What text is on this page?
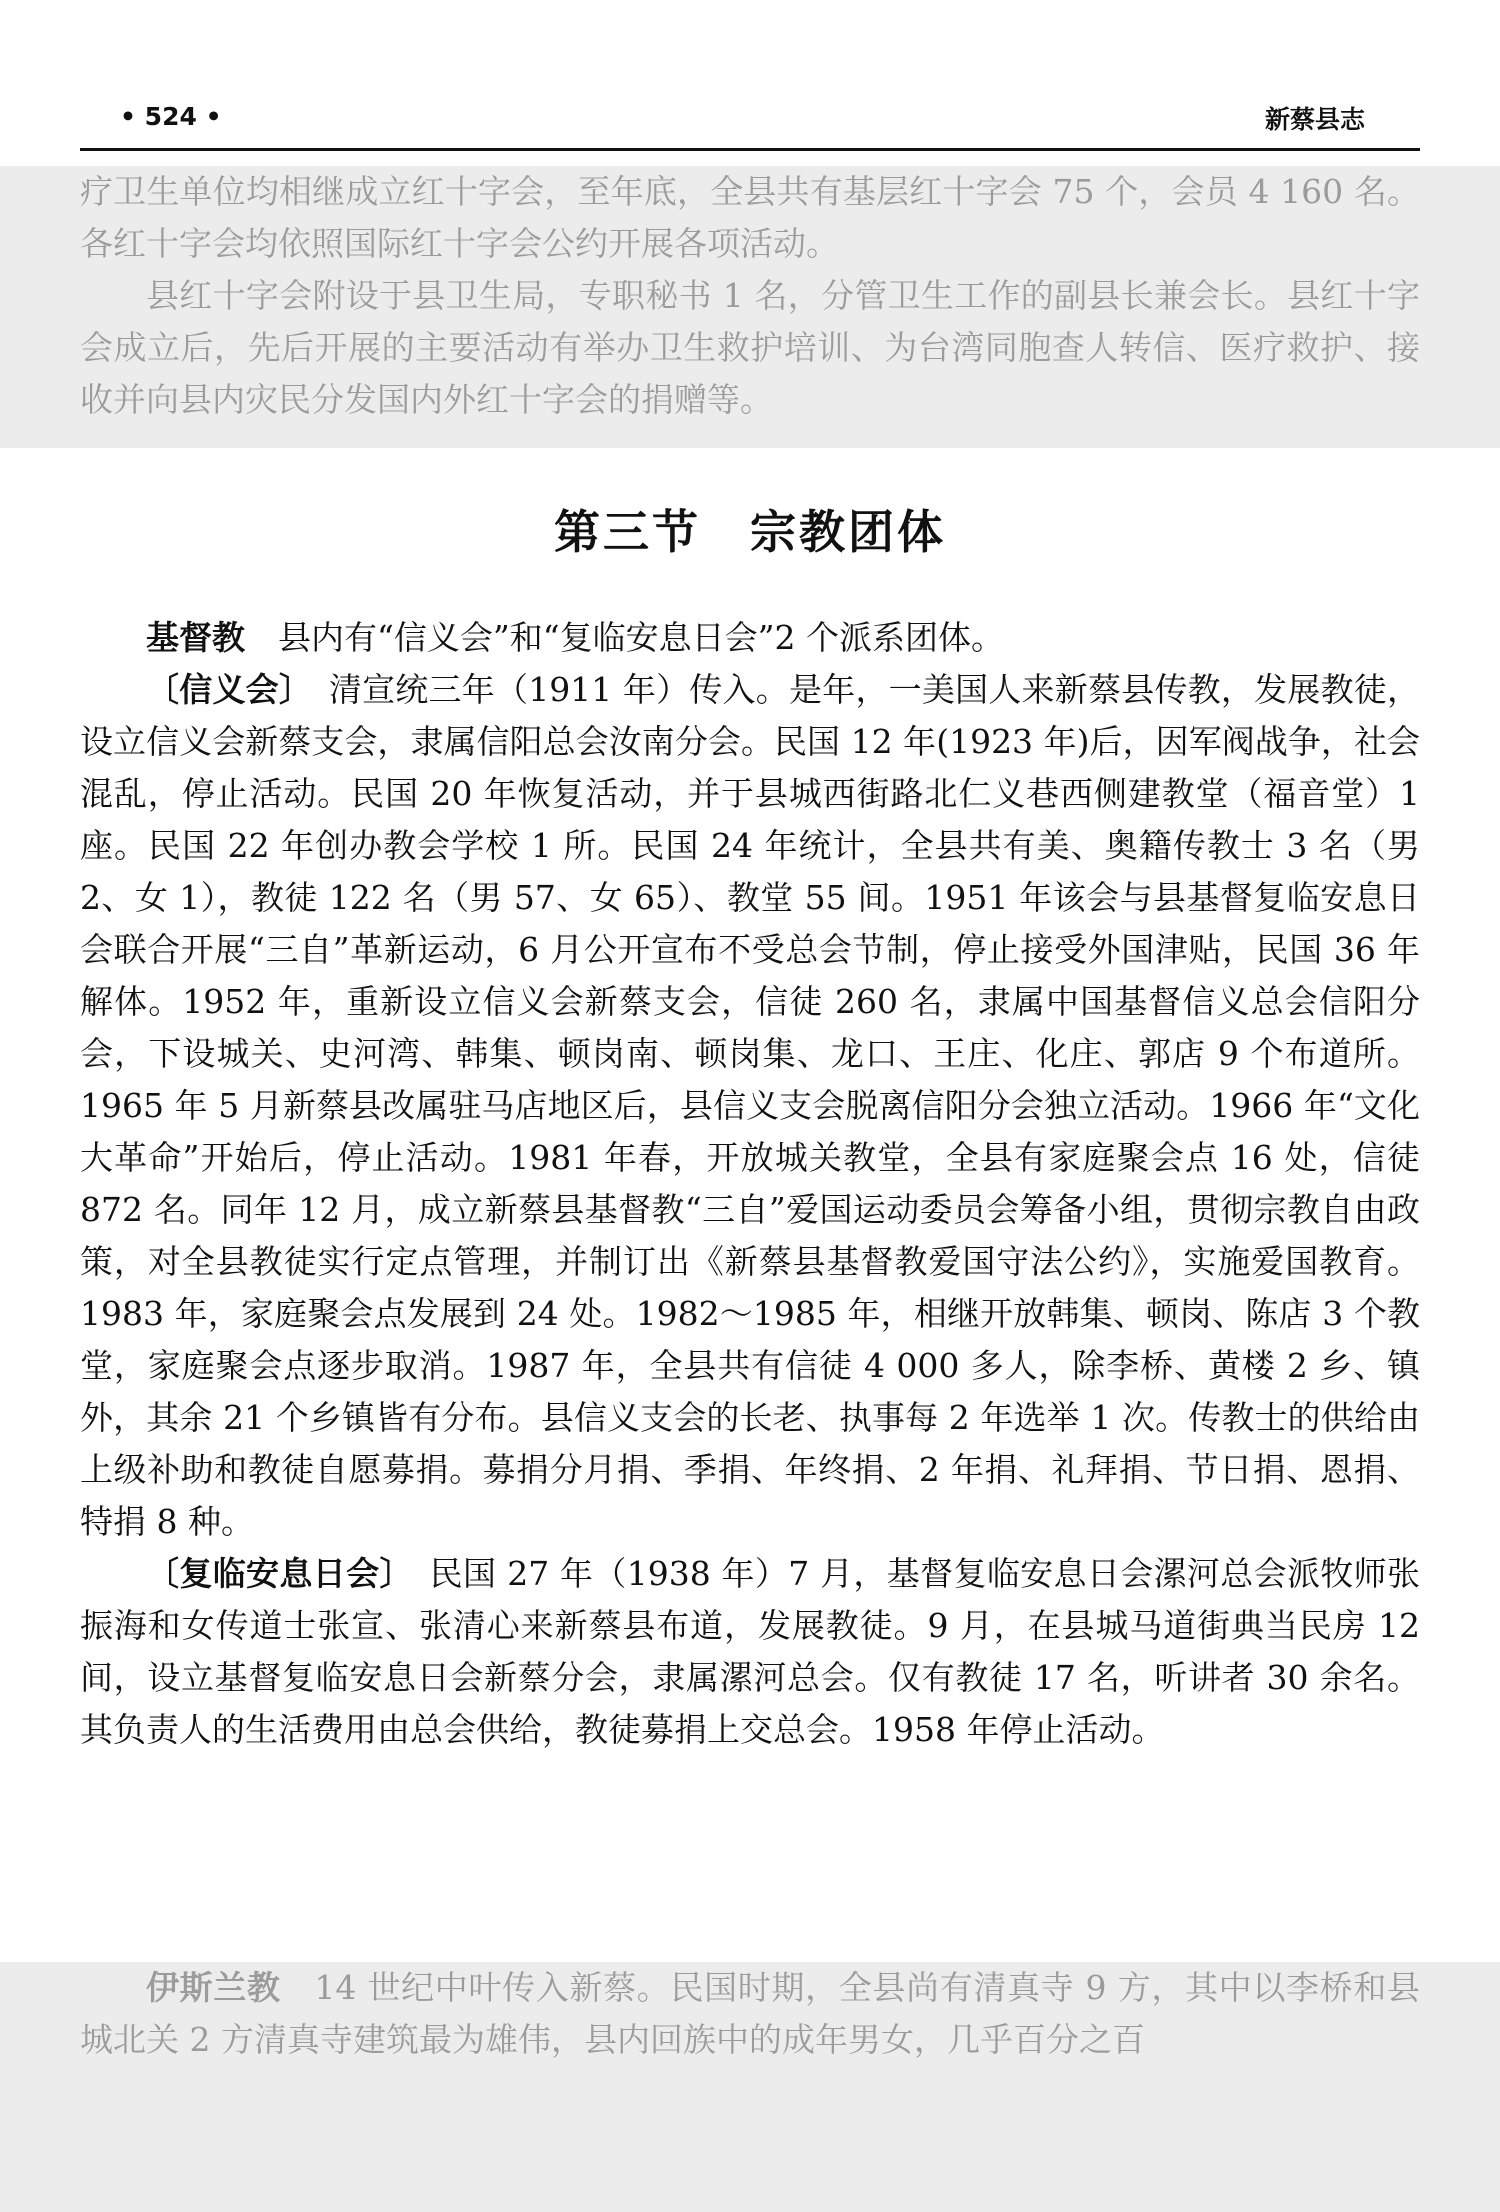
• 524 •	新蔡县志

疗卫生单位均相继成立红十字会，至年底，全县共有基层红十字会 75 个，会员 4 160 名。各红十字会均依照国际红十字会公约开展各项活动。

县红十字会附设于县卫生局，专职秘书 1 名，分管卫生工作的副县长兼会长。县红十字会成立后，先后开展的主要活动有举办卫生救护培训、为台湾同胞查人转信、医疗救护、接收并向县内灾民分发国内外红十字会的捐赠等。

第三节　宗教团体

基督教　 县内有“信义会”和“复临安息日会”2 个派系团体。

〔信义会〕　 清宣统三年（1911 年）传入。是年，一美国人来新蔡县传教，发展教徒，设立信义会新蔡支会，隶属信阳总会汝南分会。民国 12 年(1923 年)后，因军阀战争，社会混乱，停止活动。民国 20 年恢复活动，并于县城西街路北仁义巷西侧建教堂（福音堂）1 座。民国 22 年创办教会学校 1 所。民国 24 年统计，全县共有美、奥籍传教士 3 名（男 2、女 1），教徒 122 名（男 57、女 65）、教堂 55 间。1951 年该会与县基督复临安息日会联合开展“三自”革新运动，6 月公开宣布不受总会节制，停止接受外国津贴，民国 36 年解体。1952 年，重新设立信义会新蔡支会，信徒 260 名，隶属中国基督信义总会信阳分会，下设城关、史河湾、韩集、顿岗南、顿岗集、龙口、王庄、化庄、郭店 9 个布道所。1965 年 5 月新蔡县改属驻马店地区后，县信义支会脱离信阳分会独立活动。1966 年“文化大革命”开始后，停止活动。1981 年春，开放城关教堂，全县有家庭聚会点 16 处，信徒 872 名。同年 12 月，成立新蔡县基督教“三自”爱国运动委员会筹备小组，贯彻宗教自由政策，对全县教徒实行定点管理，并制订出《新蔡县基督教爱国守法公约》，实施爱国教育。1983 年，家庭聚会点发展到 24 处。1982～1985 年，相继开放韩集、顿岗、陈店 3 个教堂，家庭聚会点逐步取消。1987 年，全县共有信徒 4 000 多人，除李桥、黄楼 2 乡、镇外，其余 21 个乡镇皆有分布。县信义支会的长老、执事每 2 年选举 1 次。传教士的供给由上级补助和教徒自愿募捐。募捐分月捐、季捐、年终捐、2 年捐、礼拜捐、节日捐、恩捐、特捐 8 种。

〔复临安息日会〕　 民国 27 年（1938 年）7 月，基督复临安息日会漯河总会派牧师张振海和女传道士张宣、张清心来新蔡县布道，发展教徒。9 月，在县城马道街典当民房 12 间，设立基督复临安息日会新蔡分会，隶属漯河总会。仅有教徒 17 名，听讲者 30 余名。其负责人的生活费用由总会供给，教徒募捐上交总会。1958 年停止活动。

伊斯兰教　 14 世纪中叶传入新蔡。民国时期，全县尚有清真寺 9 方，其中以李桥和县城北关 2 方清真寺建筑最为雄伟，县内回族中的成年男女，几乎百分之百
